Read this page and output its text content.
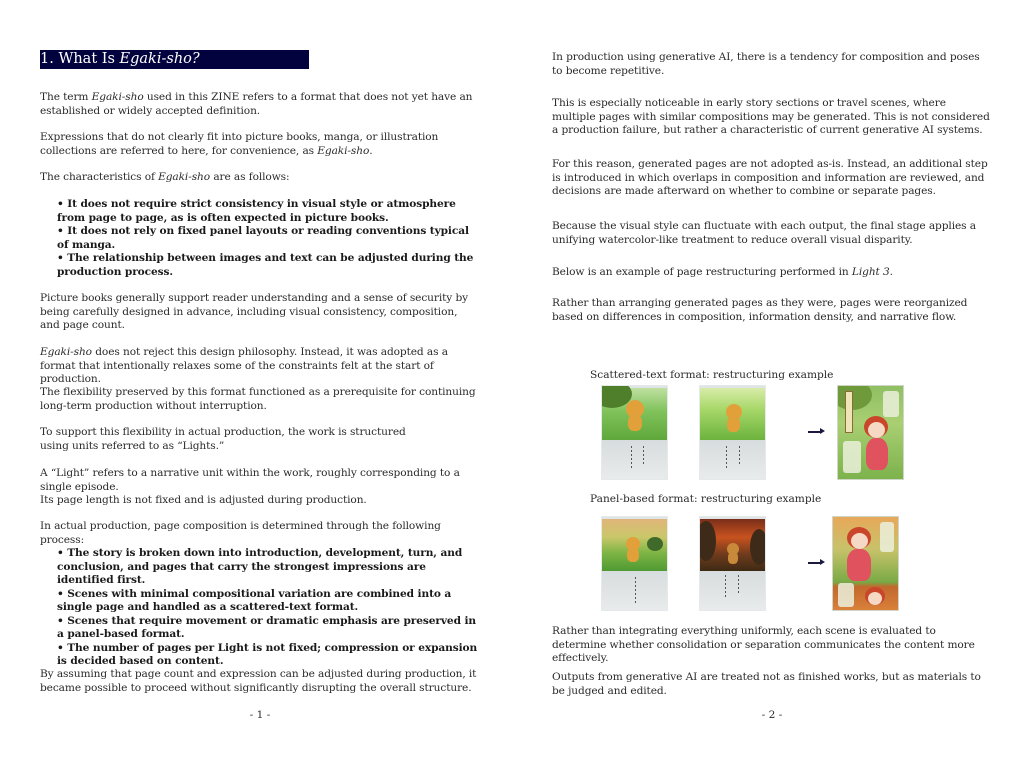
1. What Is Egaki-sho?

The term Egaki-sho used in this ZINE refers to a format that does not yet have an established or widely accepted definition.

Expressions that do not clearly fit into picture books, manga, or illustration collections are referred to here, for convenience, as Egaki-sho.

The characteristics of Egaki-sho are as follows:

• It does not require strict consistency in visual style or atmosphere from page to page, as is often expected in picture books.
• It does not rely on fixed panel layouts or reading conventions typical of manga.
• The relationship between images and text can be adjusted during the production process.

Picture books generally support reader understanding and a sense of security by being carefully designed in advance, including visual consistency, composition, and page count.

Egaki-sho does not reject this design philosophy. Instead, it was adopted as a format that intentionally relaxes some of the constraints felt at the start of production.

The flexibility preserved by this format functioned as a prerequisite for continuing long-term production without interruption.

To support this flexibility in actual production, the work is structured
using units referred to as “Lights.”

A “Light” refers to a narrative unit within the work, roughly corresponding to a single episode.
Its page length is not fixed and is adjusted during production.

In actual production, page composition is determined through the following process:

• The story is broken down into introduction, development, turn, and conclusion, and pages that carry the strongest impressions are identified first.
• Scenes with minimal compositional variation are combined into a single page and handled as a scattered-text format.
• Scenes that require movement or dramatic emphasis are preserved in a panel-based format.
• The number of pages per Light is not fixed; compression or expansion is decided based on content.

By assuming that page count and expression can be adjusted during production, it became possible to proceed without significantly disrupting the overall structure.

- 1 -

In production using generative AI, there is a tendency for composition and poses to become repetitive.

This is especially noticeable in early story sections or travel scenes, where multiple pages with similar compositions may be generated. This is not considered a production failure, but rather a characteristic of current generative AI systems.

For this reason, generated pages are not adopted as-is. Instead, an additional step is introduced in which overlaps in composition and information are reviewed, and decisions are made afterward on whether to combine or separate pages.

Because the visual style can fluctuate with each output, the final stage applies a unifying watercolor-like treatment to reduce overall visual disparity.

Below is an example of page restructuring performed in Light 3.

Rather than arranging generated pages as they were, pages were reorganized based on differences in composition, information density, and narrative flow.

Scattered-text format: restructuring example
Panel-based format: restructuring example

Rather than integrating everything uniformly, each scene is evaluated to determine whether consolidation or separation communicates the content more effectively.

Outputs from generative AI are treated not as finished works, but as materials to be judged and edited.

- 2 -
